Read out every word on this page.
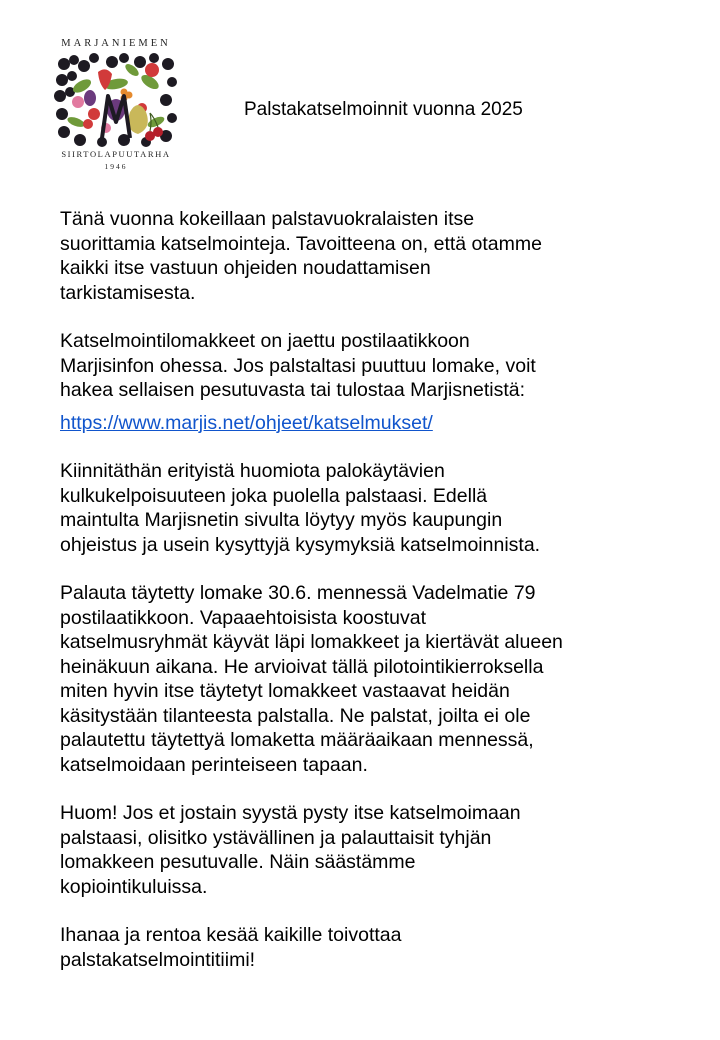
MARJANIEMEN
SIIRTOLAPUUTARHA
1946
Palstakatselmoinnit vuonna 2025

Tänä vuonna kokeillaan palstavuokralaisten itse
suorittamia katselmointeja. Tavoitteena on, että otamme
kaikki itse vastuun ohjeiden noudattamisen
tarkistamisesta.

Katselmointilomakkeet on jaettu postilaatikkoon
Marjisinfon ohessa. Jos palstaltasi puuttuu lomake, voit
hakea sellaisen pesutuvasta tai tulostaa Marjisnetistä:

https://www.marjis.net/ohjeet/katselmukset/

Kiinnitäthän erityistä huomiota palokäytävien
kulkukelpoisuuteen joka puolella palstaasi. Edellä
maintulta Marjisnetin sivulta löytyy myös kaupungin
ohjeistus ja usein kysyttyjä kysymyksiä katselmoinnista.

Palauta täytetty lomake 30.6. mennessä Vadelmatie 79
postilaatikkoon. Vapaaehtoisista koostuvat
katselmusryhmät käyvät läpi lomakkeet ja kiertävät alueen
heinäkuun aikana. He arvioivat tällä pilotointikierroksella
miten hyvin itse täytetyt lomakkeet vastaavat heidän
käsitystään tilanteesta palstalla. Ne palstat, joilta ei ole
palautettu täytettyä lomaketta määräaikaan mennessä,
katselmoidaan perinteiseen tapaan.

Huom! Jos et jostain syystä pysty itse katselmoimaan
palstaasi, olisitko ystävällinen ja palauttaisit tyhjän
lomakkeen pesutuvalle. Näin säästämme
kopiointikuluissa.

Ihanaa ja rentoa kesää kaikille toivottaa
palstakatselmointitiimi!
